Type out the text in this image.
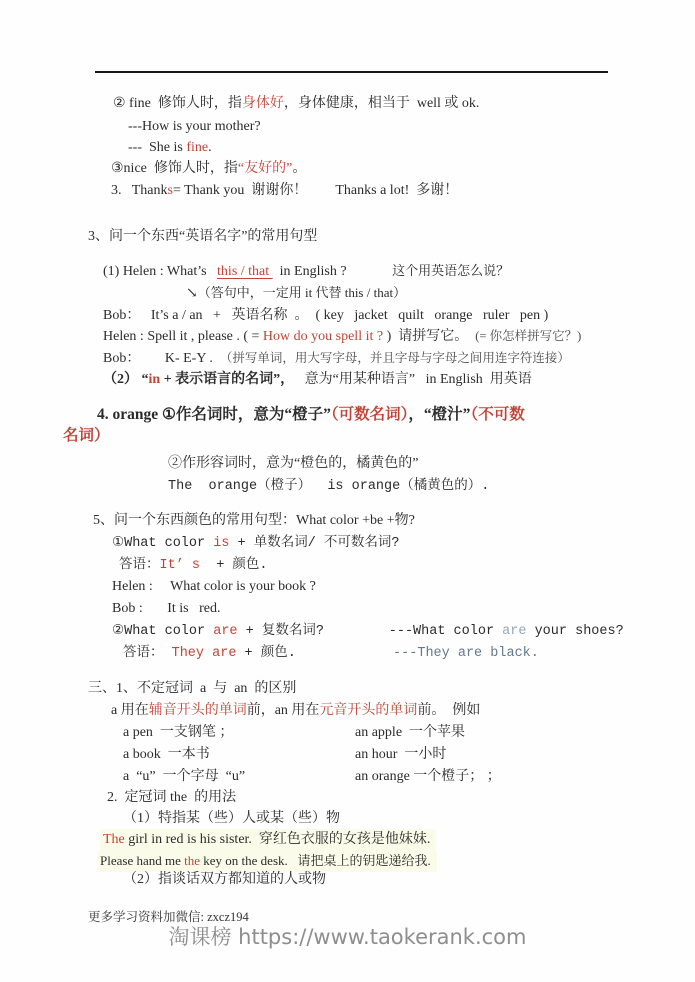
② fine  修饰人时，指身体好，身体健康，相当于  well 或 ok.
---How is your mother?
---  She is fine.
③nice  修饰人时，指“友好的”。
3.   Thanks= Thank you  谢谢你！        Thanks a lot!  多谢！
3、问一个东西“英语名字”的常用句型
(1) Helen : What’s   this / that   in English ?             这个用英语怎么说？
↘（答句中，一定用 it 代替 this / that）
Bob：   It’s a / an   +   英语名称  。  ( key   jacket   quilt   orange   ruler   pen )
Helen : Spell it , please . ( = How do you spell it ? )  请拼写它。  (= 你怎样拼写它？)
Bob：       K- E-Y .  （拼写单词，用大写字母，并且字母与字母之间用连字符连接）
（2） “in + 表示语言的名词”，   意为“用某种语言”   in English  用英语
4. orange ①作名词时，意为“橙子”（可数名词），“橙汁”（不可数
名词）
②作形容词时，意为“橙色的，橘黄色的”
The  orange（橙子）  is orange（橘黄色的）.
5、问一个东西颜色的常用句型：What color +be +物?
①What color is + 单数名词/ 不可数名词?
答语：It’ s  + 颜色.
Helen :     What color is your book ?
Bob :       It is   red.
②What color are + 复数名词?        ---What color are your shoes?
答语： They are + 颜色.	---They are black.
三、1、不定冠词  a  与  an  的区别
a 用在辅音开头的单词前，an 用在元音开头的单词前。  例如
a pen  一支钢笔 ；	an apple  一个苹果
a book  一本书	an hour  一小时
a  “u”  一个字母  “u”	an orange 一个橙子； ；
2.  定冠词 the  的用法
（1）特指某（些）人或某（些）物
The girl in red is his sister.  穿红色衣服的女孩是他妹妹.
Please hand me the key on the desk.   请把桌上的钥匙递给我.
（2）指谈话双方都知道的人或物
更多学习资料加微信: zxcz194
淘课榜 https://www.taokerank.com
